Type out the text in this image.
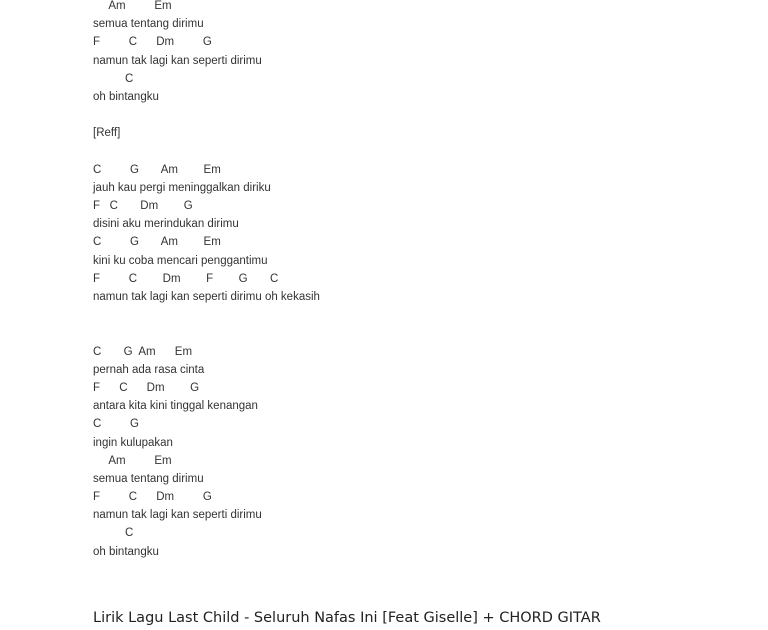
Am         Em
semua tentang dirimu
F         C      Dm         G
namun tak lagi kan seperti dirimu
C
oh bintangku
[Reff]
C         G       Am        Em
jauh kau pergi meninggalkan diriku
F   C       Dm        G
disini aku merindukan dirimu
C         G       Am        Em
kini ku coba mencari penggantimu
F         C        Dm        F        G       C
namun tak lagi kan seperti dirimu oh kekasih
C       G  Am      Em
pernah ada rasa cinta
F      C      Dm        G
antara kita kini tinggal kenangan
C         G
ingin kulupakan
Am         Em
semua tentang dirimu
F         C      Dm         G
namun tak lagi kan seperti dirimu
C
oh bintangku
Lirik Lagu Last Child - Seluruh Nafas Ini [Feat Giselle] + CHORD GITAR
